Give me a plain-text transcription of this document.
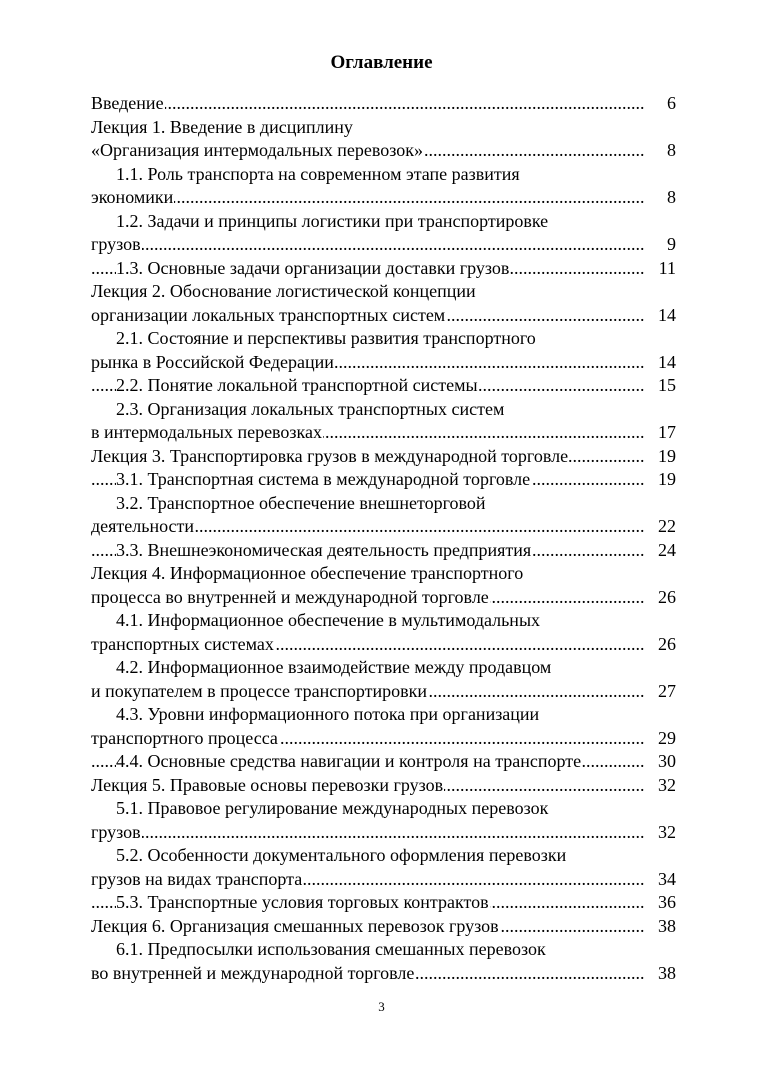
Оглавление
.....
Введение	6
Лекция 1. Введение в дисциплину
.....
«Организация интермодальных перевозок»	8
1.1. Роль транспорта на современном этапе развития
.....
экономики	8
1.2. Задачи и принципы логистики при транспортировке
.....
грузов	9
.....
1.3. Основные задачи организации доставки грузов	11
Лекция 2. Обоснование логистической концепции
.....
организации локальных транспортных систем	14
2.1. Состояние и перспективы развития транспортного
.....
рынка в Российской Федерации	14
.....
2.2. Понятие локальной транспортной системы	15
2.3. Организация локальных транспортных систем
.....
в интермодальных перевозках	17
.....
Лекция 3. Транспортировка грузов в международной торговле	19
.....
3.1. Транспортная система в международной торговле	19
3.2. Транспортное обеспечение внешнеторговой
.....
деятельности	22
.....
3.3. Внешнеэкономическая деятельность предприятия	24
Лекция 4. Информационное обеспечение транспортного
.....
процесса во внутренней и международной торговле	26
4.1. Информационное обеспечение в мультимодальных
.....
транспортных системах	26
4.2. Информационное взаимодействие между продавцом
.....
и покупателем в процессе транспортировки	27
4.3. Уровни информационного потока при организации
.....
транспортного процесса	29
.....
4.4. Основные средства навигации и контроля на транспорте	30
.....
Лекция 5. Правовые основы перевозки грузов	32
5.1. Правовое регулирование международных перевозок
.....
грузов	32
5.2. Особенности документального оформления перевозки
.....
грузов на видах транспорта	34
.....
5.3. Транспортные условия торговых контрактов	36
.....
Лекция 6. Организация смешанных перевозок грузов	38
6.1. Предпосылки использования смешанных перевозок
.....
во внутренней и международной торговле	38
3
